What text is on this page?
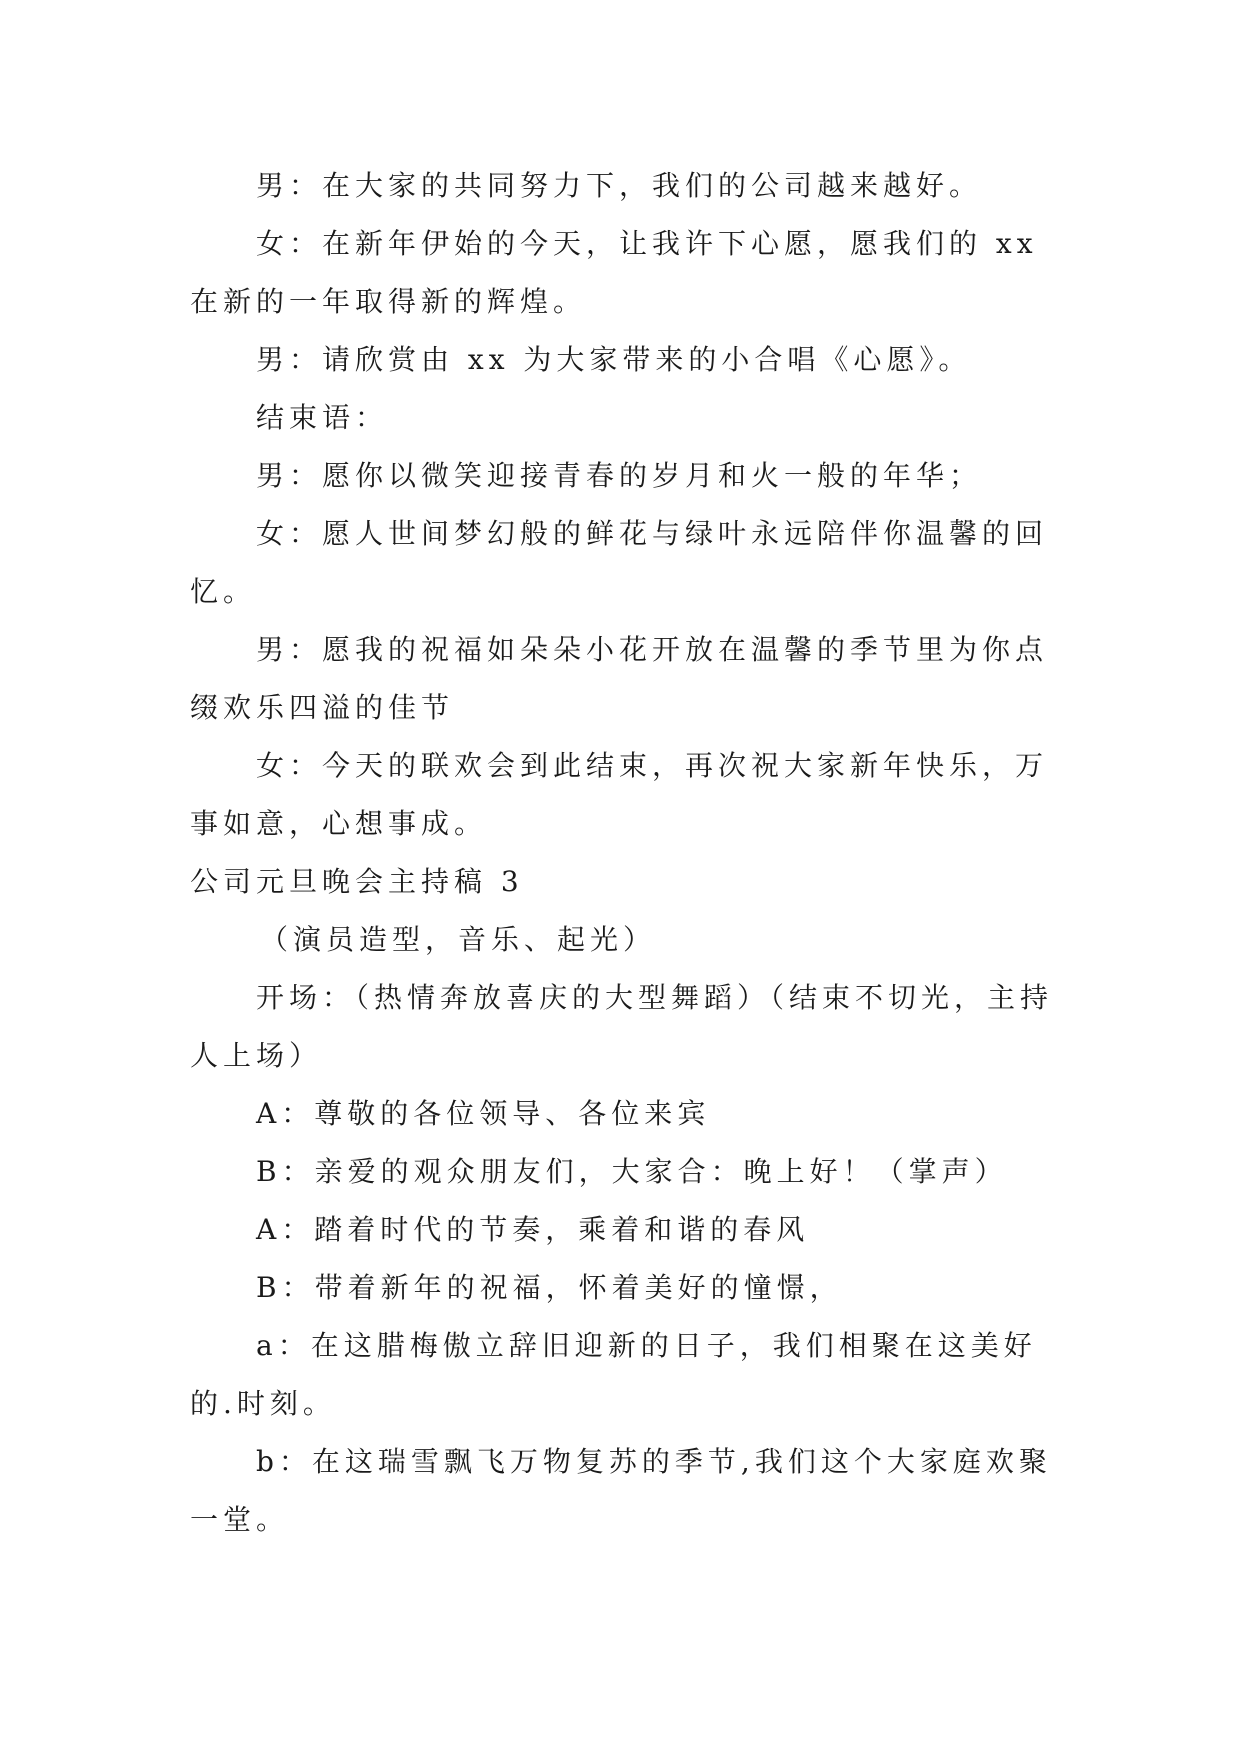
男：在大家的共同努力下，我们的公司越来越好。

女：在新年伊始的今天，让我许下心愿，愿我们的 xx 在新的一年取得新的辉煌。

男：请欣赏由 xx 为大家带来的小合唱《心愿》。

结束语：

男：愿你以微笑迎接青春的岁月和火一般的年华；

女：愿人世间梦幻般的鲜花与绿叶永远陪伴你温馨的回忆。

男：愿我的祝福如朵朵小花开放在温馨的季节里为你点缀欢乐四溢的佳节

女：今天的联欢会到此结束，再次祝大家新年快乐，万事如意，心想事成。

公司元旦晚会主持稿 3

（演员造型，音乐、起光）

开场：（热情奔放喜庆的大型舞蹈）（结束不切光，主持人上场）

A：尊敬的各位领导、各位来宾

B：亲爱的观众朋友们，大家合：晚上好！（掌声）

A：踏着时代的节奏，乘着和谐的春风

B：带着新年的祝福，怀着美好的憧憬，

a：在这腊梅傲立辞旧迎新的日子，我们相聚在这美好的.时刻。

b：在这瑞雪飘飞万物复苏的季节,我们这个大家庭欢聚一堂。
